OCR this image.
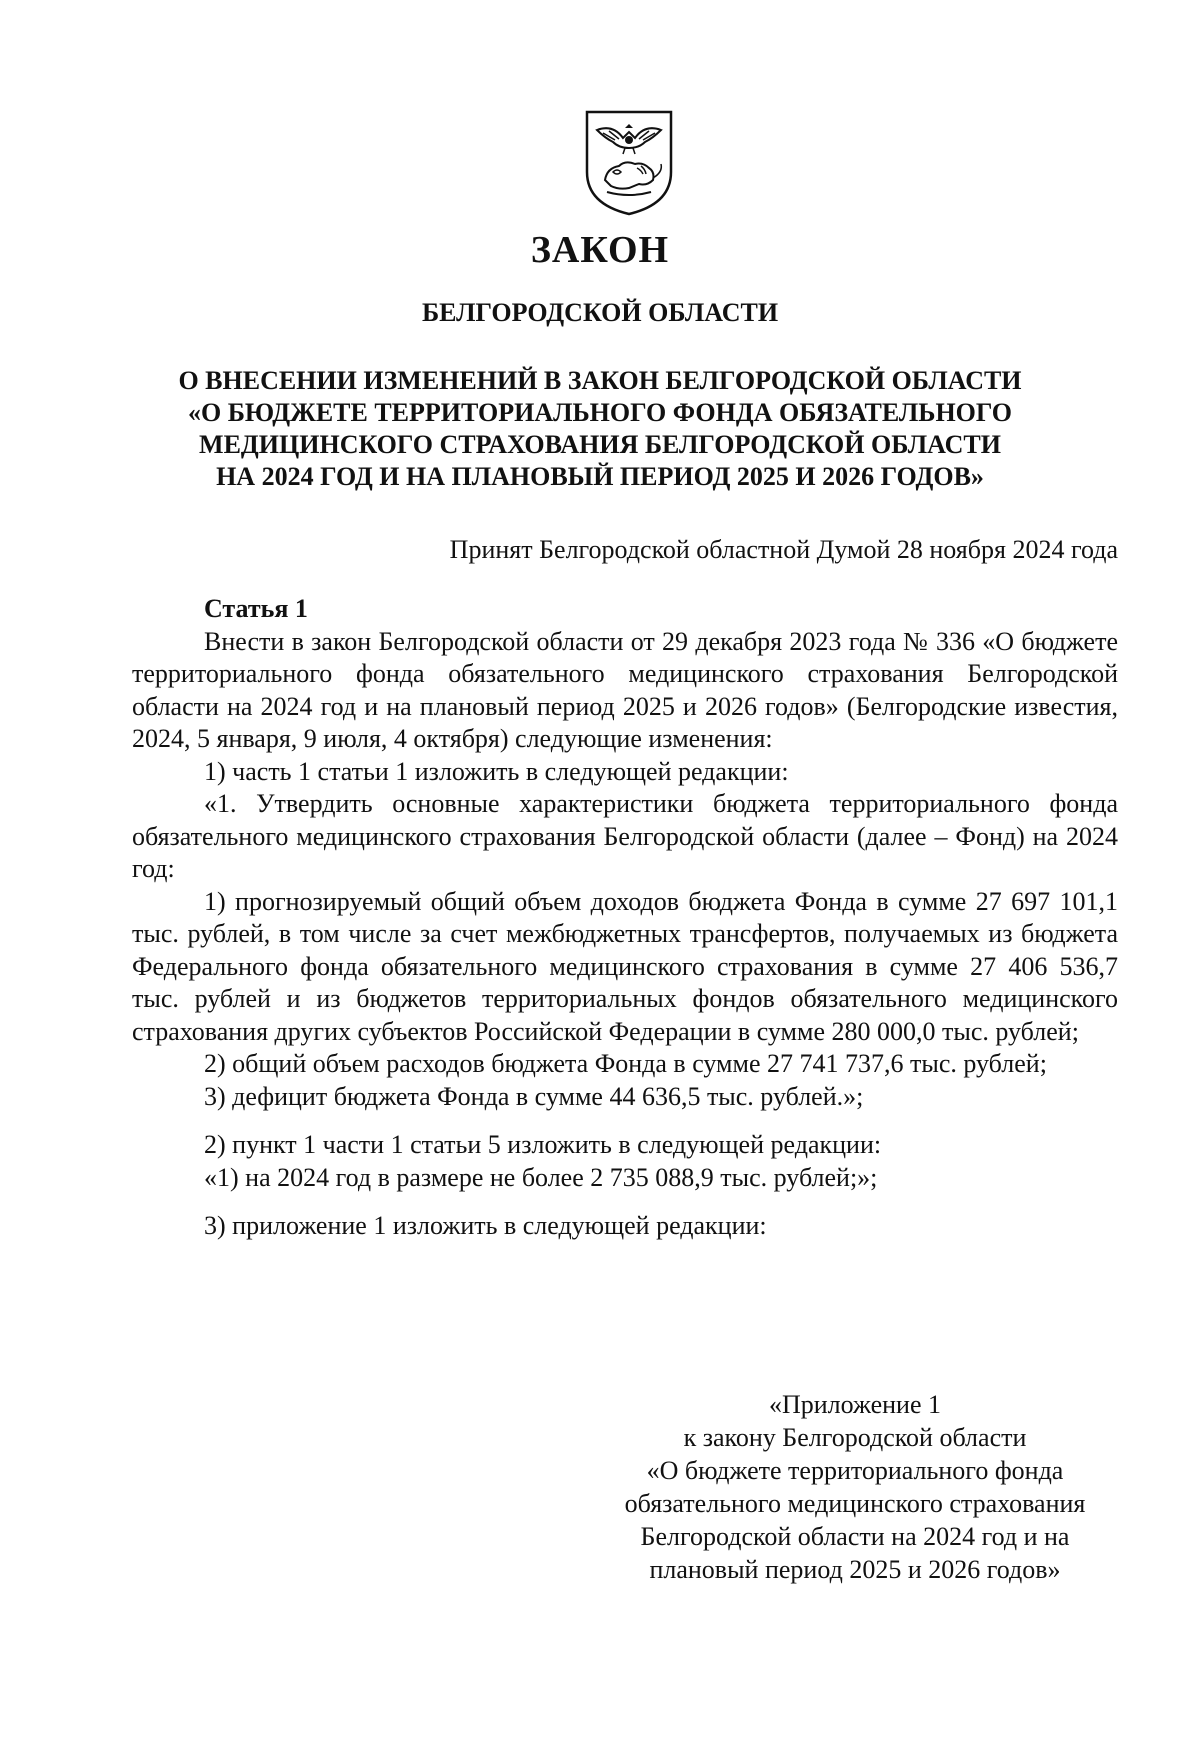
ЗАКОН
БЕЛГОРОДСКОЙ ОБЛАСТИ
О ВНЕСЕНИИ ИЗМЕНЕНИЙ В ЗАКОН БЕЛГОРОДСКОЙ ОБЛАСТИ
«О БЮДЖЕТЕ ТЕРРИТОРИАЛЬНОГО ФОНДА ОБЯЗАТЕЛЬНОГО
МЕДИЦИНСКОГО СТРАХОВАНИЯ БЕЛГОРОДСКОЙ ОБЛАСТИ
НА 2024 ГОД И НА ПЛАНОВЫЙ ПЕРИОД 2025 И 2026 ГОДОВ»
Принят Белгородской областной Думой 28 ноября 2024 года

Статья 1

Внести в закон Белгородской области от 29 декабря 2023 года № 336 «О бюджете территориального фонда обязательного медицинского страхования Белгородской области на 2024 год и на плановый период 2025 и 2026 годов» (Белгородские известия, 2024, 5 января, 9 июля, 4 октября) следующие изменения:

1) часть 1 статьи 1 изложить в следующей редакции:

«1. Утвердить основные характеристики бюджета территориального фонда обязательного медицинского страхования Белгородской области (далее – Фонд) на 2024 год:

1) прогнозируемый общий объем доходов бюджета Фонда в сумме 27 697 101,1 тыс. рублей, в том числе за счет межбюджетных трансфертов, получаемых из бюджета Федерального фонда обязательного медицинского страхования в сумме 27 406 536,7 тыс. рублей и из бюджетов территориальных фондов обязательного медицинского страхования других субъектов Российской Федерации в сумме 280 000,0 тыс. рублей;

2) общий объем расходов бюджета Фонда в сумме 27 741 737,6 тыс. рублей;

3) дефицит бюджета Фонда в сумме 44 636,5 тыс. рублей.»;

2) пункт 1 части 1 статьи 5 изложить в следующей редакции:

«1) на 2024 год в размере не более 2 735 088,9 тыс. рублей;»;

3) приложение 1 изложить в следующей редакции:

«Приложение 1
к закону Белгородской области
«О бюджете территориального фонда
обязательного медицинского страхования
Белгородской области на 2024 год и на
плановый период 2025 и 2026 годов»
